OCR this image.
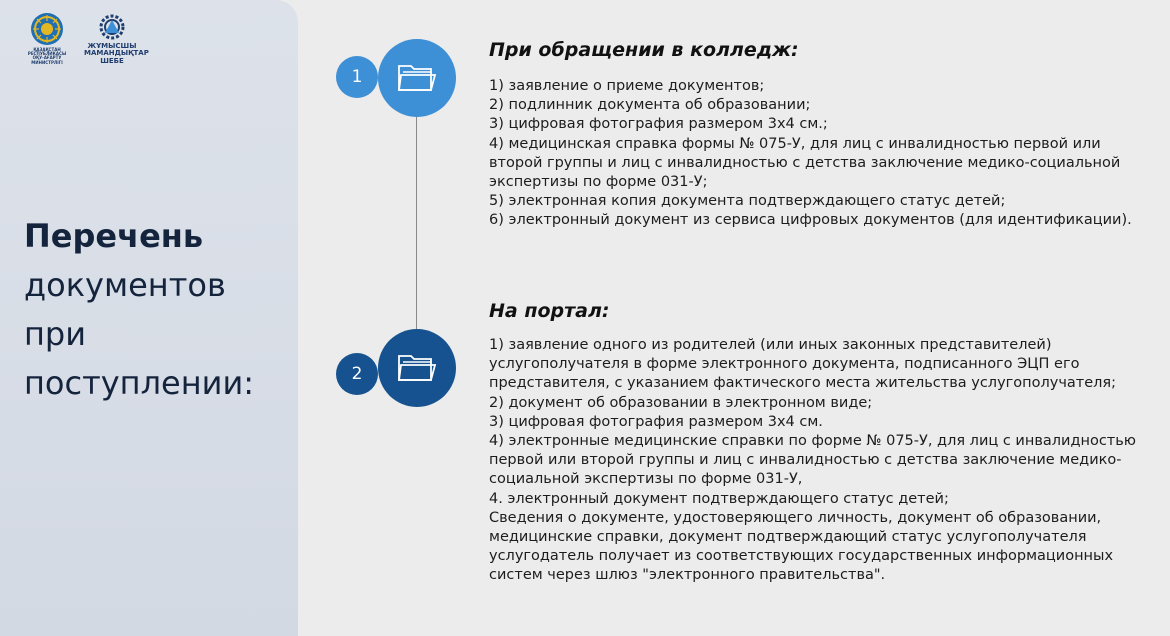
ҚАЗАҚСТАН РЕСПУБЛИКАСЫ ОҚУ-АҒАРТУ МИНИСТРЛІГІ
ЖҰМЫСШЫ МАМАНДЫҚТАР ШЕБЕ
Перечень
документов
при
поступлении:
1
2
При обращении в колледж:
1) заявление о приеме документов;
2) подлинник документа об образовании;
3) цифровая фотография размером 3х4 см.;
4) медицинская справка формы № 075-У, для лиц с инвалидностью первой или второй группы и лиц с инвалидностью с детства заключение медико-социальной экспертизы по форме 031-У;
5) электронная копия документа подтверждающего статус детей;
6) электронный документ из сервиса цифровых документов (для идентификации).
На портал:
1) заявление одного из родителей (или иных законных представителей) услугополучателя в форме электронного документа, подписанного ЭЦП его представителя, с указанием фактического места жительства услугополучателя;
2) документ об образовании в электронном виде;
3) цифровая фотография размером 3х4 см.
4) электронные медицинские справки по форме № 075-У, для лиц с инвалидностью первой или второй группы и лиц с инвалидностью с детства заключение медико-социальной экспертизы по форме 031-У,
4. электронный документ подтверждающего статус детей;
Сведения о документе, удостоверяющего личность, документ об образовании, медицинские справки, документ подтверждающий статус услугополучателя услугодатель получает из соответствующих государственных информационных систем через шлюз "электронного правительства".
